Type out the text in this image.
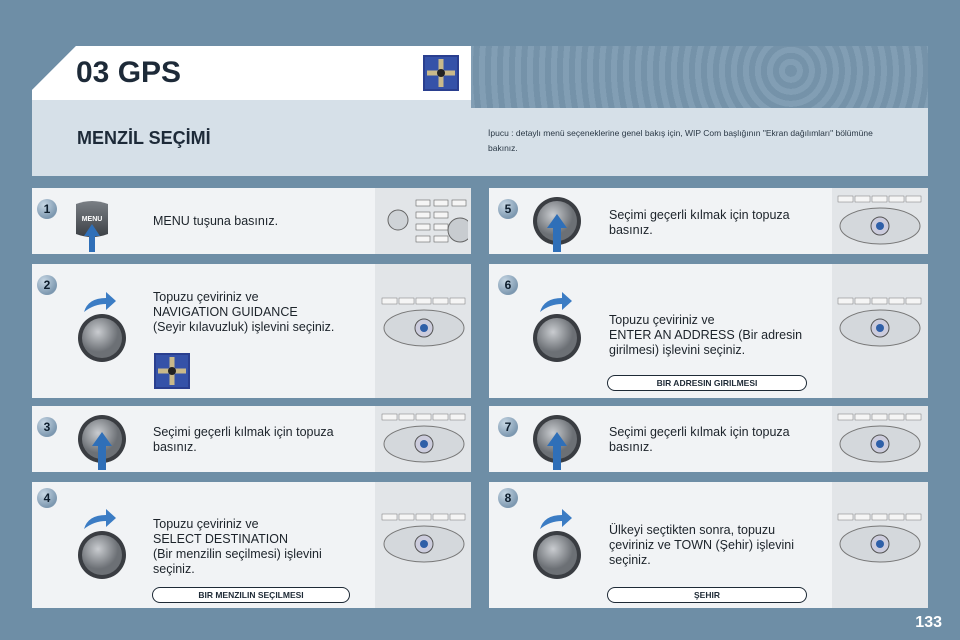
03 GPS
MENZİL SEÇİMİ	İpucu : detaylı menü seçeneklerine genel bakış için, WIP Com başlığının "Ekran dağılımları" bölümüne bakınız.
1
MENU	MENU tuşuna basınız.
2
Topuzu çeviriniz ve
NAVIGATION GUIDANCE
(Seyir kılavuzluk) işlevini seçiniz.
3	Seçimi geçerli kılmak için topuza
basınız.
4
Topuzu çeviriniz ve
SELECT DESTINATION
(Bir menzilin seçilmesi) işlevini
seçiniz.
BIR MENZILIN SEÇILMESI
5	Seçimi geçerli kılmak için topuza
basınız.
6
Topuzu çeviriniz ve
ENTER AN ADDRESS (Bir adresin
girilmesi) işlevini seçiniz.
BIR ADRESIN GIRILMESI
7	Seçimi geçerli kılmak için topuza
basınız.
8
Ülkeyi seçtikten sonra, topuzu
çeviriniz ve TOWN (Şehir) işlevini
seçiniz.
ŞEHIR
133
